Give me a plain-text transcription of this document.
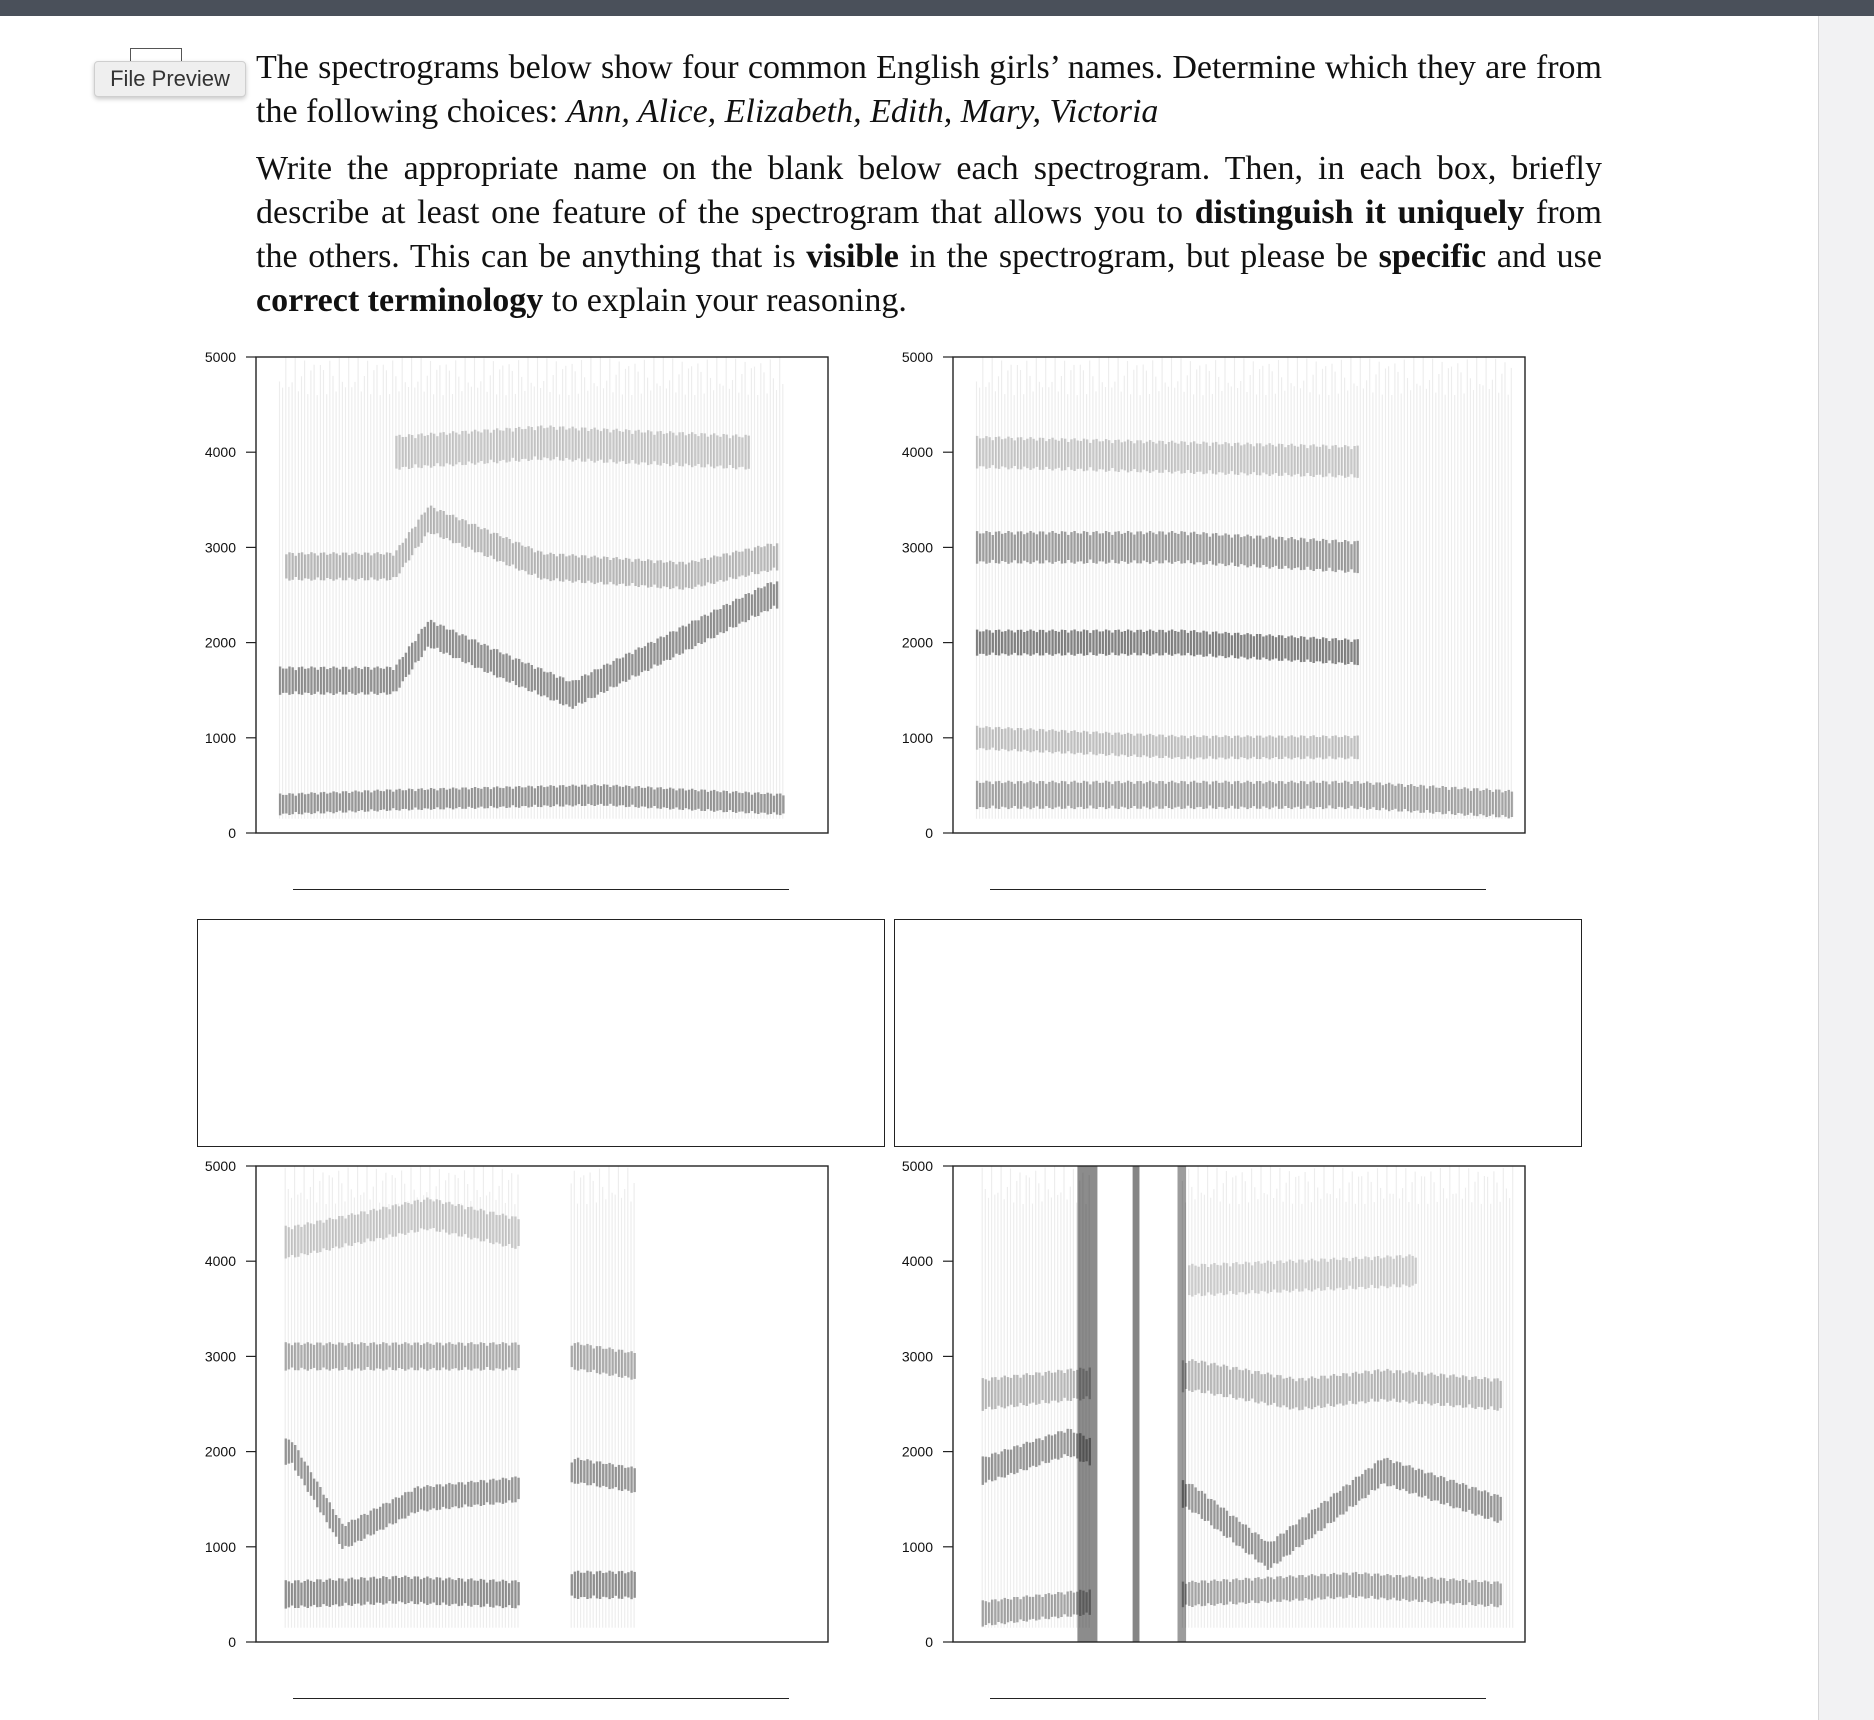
File Preview The spectrograms below show four common English girls’ names. Determine which they are from the following choices: Ann, Alice, Elizabeth, Edith, Mary, Victoria

Write the appropriate name on the blank below each spectrogram. Then, in each box, briefly describe at least one feature of the spectrogram that allows you to distinguish it uniquely from the others. This can be anything that is visible in the spectrogram, but please be specific and use correct terminology to explain your reasoning.

0
1000
2000
3000
4000
5000
0
1000
2000
3000
4000
5000
0
1000
2000
3000
4000
5000
0
1000
2000
3000
4000
5000
